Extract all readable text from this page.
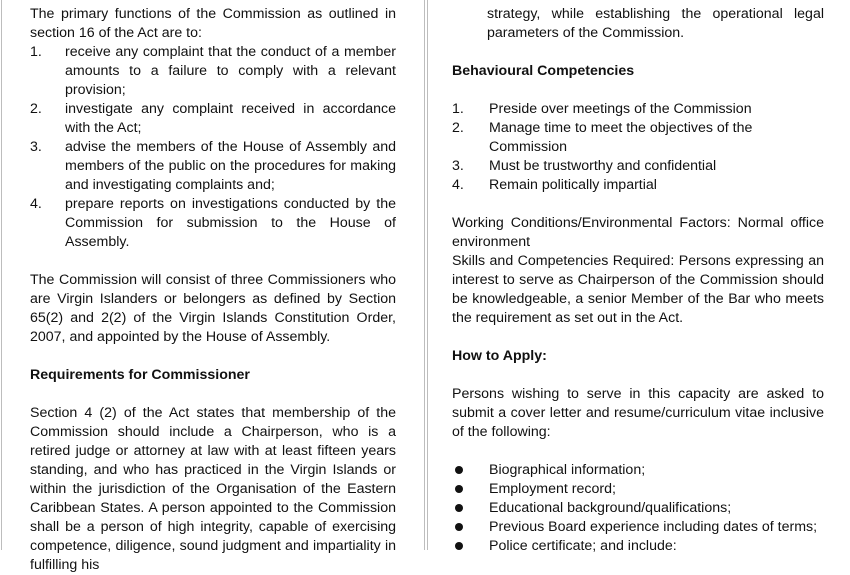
The primary functions of the Commission as outlined in section 16 of the Act are to:

1. receive any complaint that the conduct of a member amounts to a failure to comply with a relevant provision;
2. investigate any complaint received in accordance with the Act;
3. advise the members of the House of Assembly and members of the public on the procedures for making and investigating complaints and;
4. prepare reports on investigations conducted by the Commission for submission to the House of Assembly.

The Commission will consist of three Commissioners who are Virgin Islanders or belongers as defined by Section 65(2) and 2(2) of the Virgin Islands Constitution Order, 2007, and appointed by the House of Assembly.

Requirements for Commissioner

Section 4 (2) of the Act states that membership of the Commission should include a Chairperson, who is a retired judge or attorney at law with at least fifteen years standing, and who has practiced in the Virgin Islands or within the jurisdiction of the Organisation of the Eastern Caribbean States. A person appointed to the Commission shall be a person of high integrity, capable of exercising competence, diligence, sound judgment and impartiality in fulfilling his

strategy, while establishing the operational legal parameters of the Commission.

Behavioural Competencies
1. Preside over meetings of the Commission
2. Manage time to meet the objectives of the Commission
3. Must be trustworthy and confidential
4. Remain politically impartial

Working Conditions/Environmental Factors: Normal office environment

Skills and Competencies Required: Persons expressing an interest to serve as Chairperson of the Commission should be knowledgeable, a senior Member of the Bar who meets the requirement as set out in the Act.

How to Apply:

Persons wishing to serve in this capacity are asked to submit a cover letter and resume/curriculum vitae inclusive of the following:

Biographical information;
Employment record;
Educational background/qualifications;
Previous Board experience including dates of terms;
Police certificate; and include:
